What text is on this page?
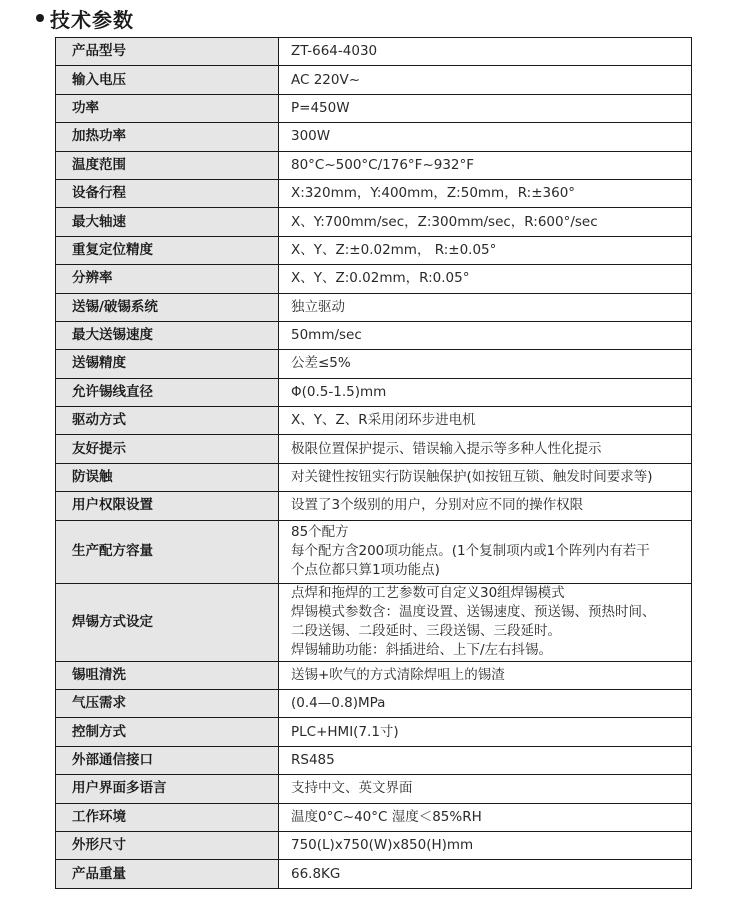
技术参数
产品型号	ZT-664-4030

输入电压	AC 220V~

功率	P=450W

加热功率	300W

温度范围	80°C~500°C/176°F~932°F

设备行程	X:320mm，Y:400mm，Z:50mm，R:±360°

最大轴速	X、Y:700mm/sec，Z:300mm/sec，R:600°/sec

重复定位精度	X、Y、Z:±0.02mm， R:±0.05°

分辨率	X、Y、Z:0.02mm，R:0.05°

送锡/破锡系统	独立驱动

最大送锡速度	50mm/sec

送锡精度	公差≤5%

允许锡线直径	Φ(0.5-1.5)mm

驱动方式	X、Y、Z、R采用闭环步进电机

友好提示	极限位置保护提示、错误输入提示等多种人性化提示

防误触	对关键性按钮实行防误触保护(如按钮互锁、触发时间要求等)

用户权限设置	设置了3个级别的用户，分别对应不同的操作权限

生产配方容量	85个配方
每个配方含200项功能点。(1个复制项内或1个阵列内有若干
个点位都只算1项功能点)

焊锡方式设定	点焊和拖焊的工艺参数可自定义30组焊锡模式
焊锡模式参数含：温度设置、送锡速度、预送锡、预热时间、
二段送锡、二段延时、三段送锡、三段延时。
焊锡辅助功能：斜插进给、上下/左右抖锡。

锡咀清洗	送锡+吹气的方式清除焊咀上的锡渣

气压需求	(0.4—0.8)MPa

控制方式	PLC+HMI(7.1寸)

外部通信接口	RS485

用户界面多语言	支持中文、英文界面

工作环境	温度0°C~40°C 湿度＜85%RH

外形尺寸	750(L)x750(W)x850(H)mm

产品重量	66.8KG
